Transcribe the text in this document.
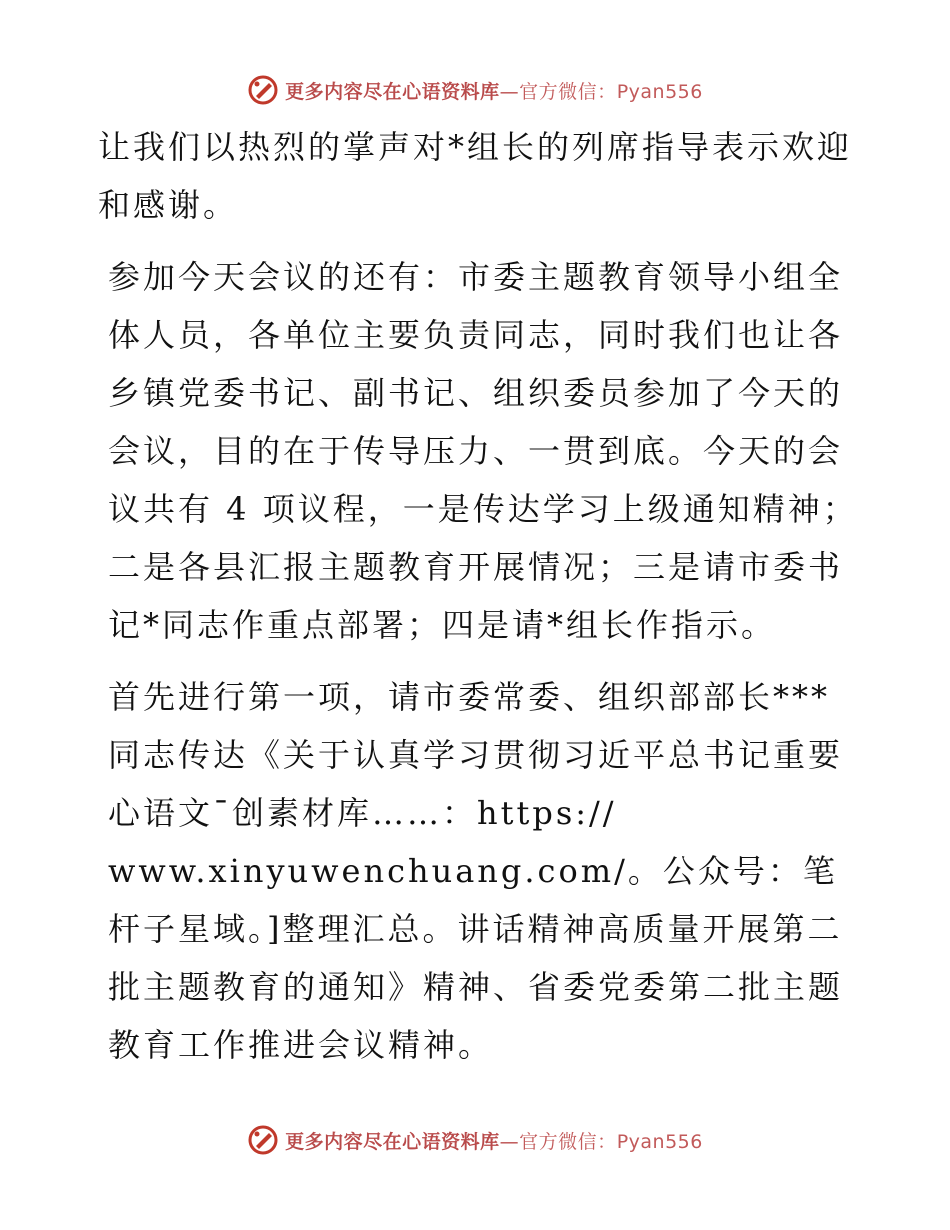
更多内容尽在心语资料库—官方微信：Pyan556

让我们以热烈的掌声对*组长的列席指导表示欢迎和感谢。

参加今天会议的还有：市委主题教育领导小组全体人员，各单位主要负责同志，同时我们也让各乡镇党委书记、副书记、组织委员参加了今天的会议，目的在于传导压力、一贯到底。今天的会议共有 4 项议程，一是传达学习上级通知精神；二是各县汇报主题教育开展情况；三是请市委书记*同志作重点部署；四是请*组长作指示。

首先进行第一项，请市委常委、组织部部长***同志传达《关于认真学习贯彻习近平总书记重要心语文¯创素材库……：https://
www.xinyuwenchuang.com/。公众号：笔杆子星域。]整理汇总。讲话精神高质量开展第二批主题教育的通知》精神、省委党委第二批主题教育工作推进会议精神。

更多内容尽在心语资料库—官方微信：Pyan556
